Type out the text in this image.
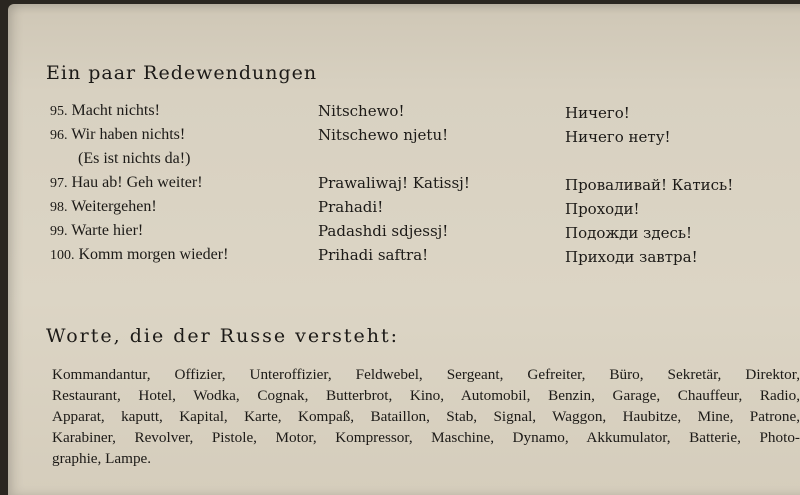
Ein paar Redewendungen
95. Macht nichts!	Nitschewo!	Ничего!
96. Wir haben nichts!	Nitschewo njetu!	Ничего нету!
(Es ist nichts da!)
97. Hau ab! Geh weiter!	Prawaliwaj! Katissj!	Проваливай! Катись!
98. Weitergehen!	Prahadi!	Проходи!
99. Warte hier!	Padashdi sdjessj!	Подожди здесь!
100. Komm morgen wieder!	Prihadi saftra!	Приходи завтра!
Worte, die der Russe versteht:
Kommandantur, Offizier, Unteroffizier, Feldwebel, Sergeant, Gefreiter, Büro, Sekretär, Direktor,
Restaurant, Hotel, Wodka, Cognak, Butterbrot, Kino, Automobil, Benzin, Garage, Chauffeur, Radio,
Apparat, kaputt, Kapital, Karte, Kompaß, Bataillon, Stab, Signal, Waggon, Haubitze, Mine, Patrone,
Karabiner, Revolver, Pistole, Motor, Kompressor, Maschine, Dynamo, Akkumulator, Batterie, Photo-
graphie, Lampe.
